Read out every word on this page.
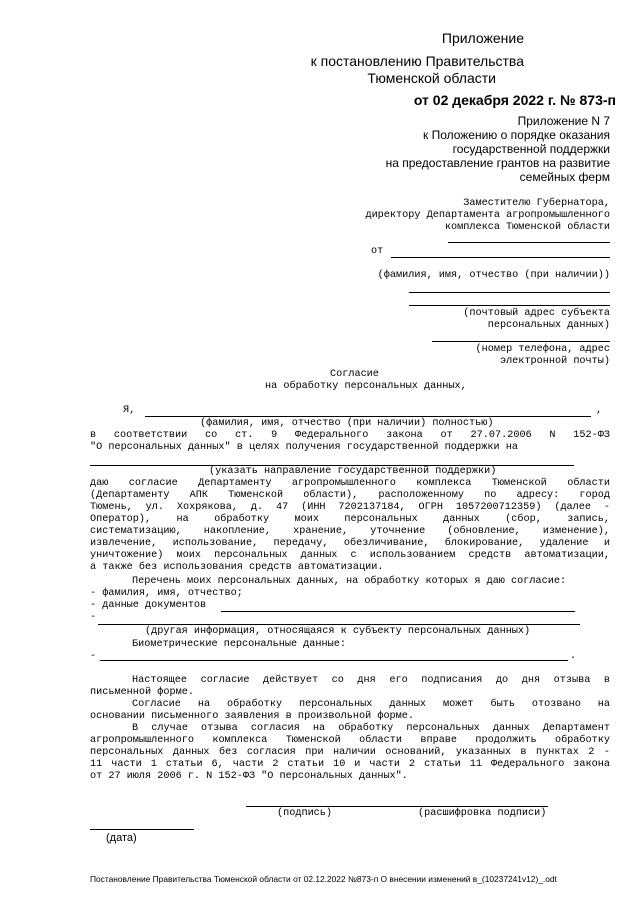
Приложение
к постановлению Правительства
Тюменской области
от 02 декабря 2022 г. № 873-п
Приложение N 7
к Положению о порядке оказания
государственной поддержки
на предоставление грантов на развитие
семейных ферм
Заместителю Губернатора,
директору Департамента агропромышленного
комплекса Тюменской области
от
(фамилия, имя, отчество (при наличии))
(почтовый адрес субъекта
персональных данных)
(номер телефона, адрес
электронной почты)
Согласие
на обработку персональных данных,
Я,	,
(фамилия, имя, отчество (при наличии) полностью)
в соответствии со ст. 9 Федерального закона от 27.07.2006 N 152-ФЗ
"О персональных данных" в целях получения государственной поддержки на
(указать направление государственной поддержки)
даю согласие Департаменту агропромышленного комплекса Тюменской области
(Департаменту АПК Тюменской области), расположенному по адресу: город
Тюмень, ул. Хохрякова, д. 47 (ИНН 7202137184, ОГРН 1057200712359) (далее -
Оператор), на обработку моих персональных данных (сбор, запись,
систематизацию, накопление, хранение, уточнение (обновление, изменение),
извлечение, использование, передачу, обезличивание, блокирование, удаление и
уничтожение) моих персональных данных с использованием средств автоматизации,
а также без использования средств автоматизации.
Перечень моих персональных данных, на обработку которых я даю согласие:
- фамилия, имя, отчество;
- данные документов
-
(другая информация, относящаяся к субъекту персональных данных)
Биометрические персональные данные:
-	.
Настоящее согласие действует со дня его подписания до дня отзыва в
письменной форме.
Согласие на обработку персональных данных может быть отозвано на
основании письменного заявления в произвольной форме.
В случае отзыва согласия на обработку персональных данных Департамент
агропромышленного комплекса Тюменской области вправе продолжить обработку
персональных данных без согласия при наличии оснований, указанных в пунктах 2 -
11 части 1 статьи 6, части 2 статьи 10 и части 2 статьи 11 Федерального закона
от 27 июля 2006 г. N 152-ФЗ "О персональных данных".
(подпись)	(расшифровка подписи)
(дата)
Постановление Правительства Тюменской области от 02.12.2022 №873-п О внесении изменений в_(10237241v12)_.odt
